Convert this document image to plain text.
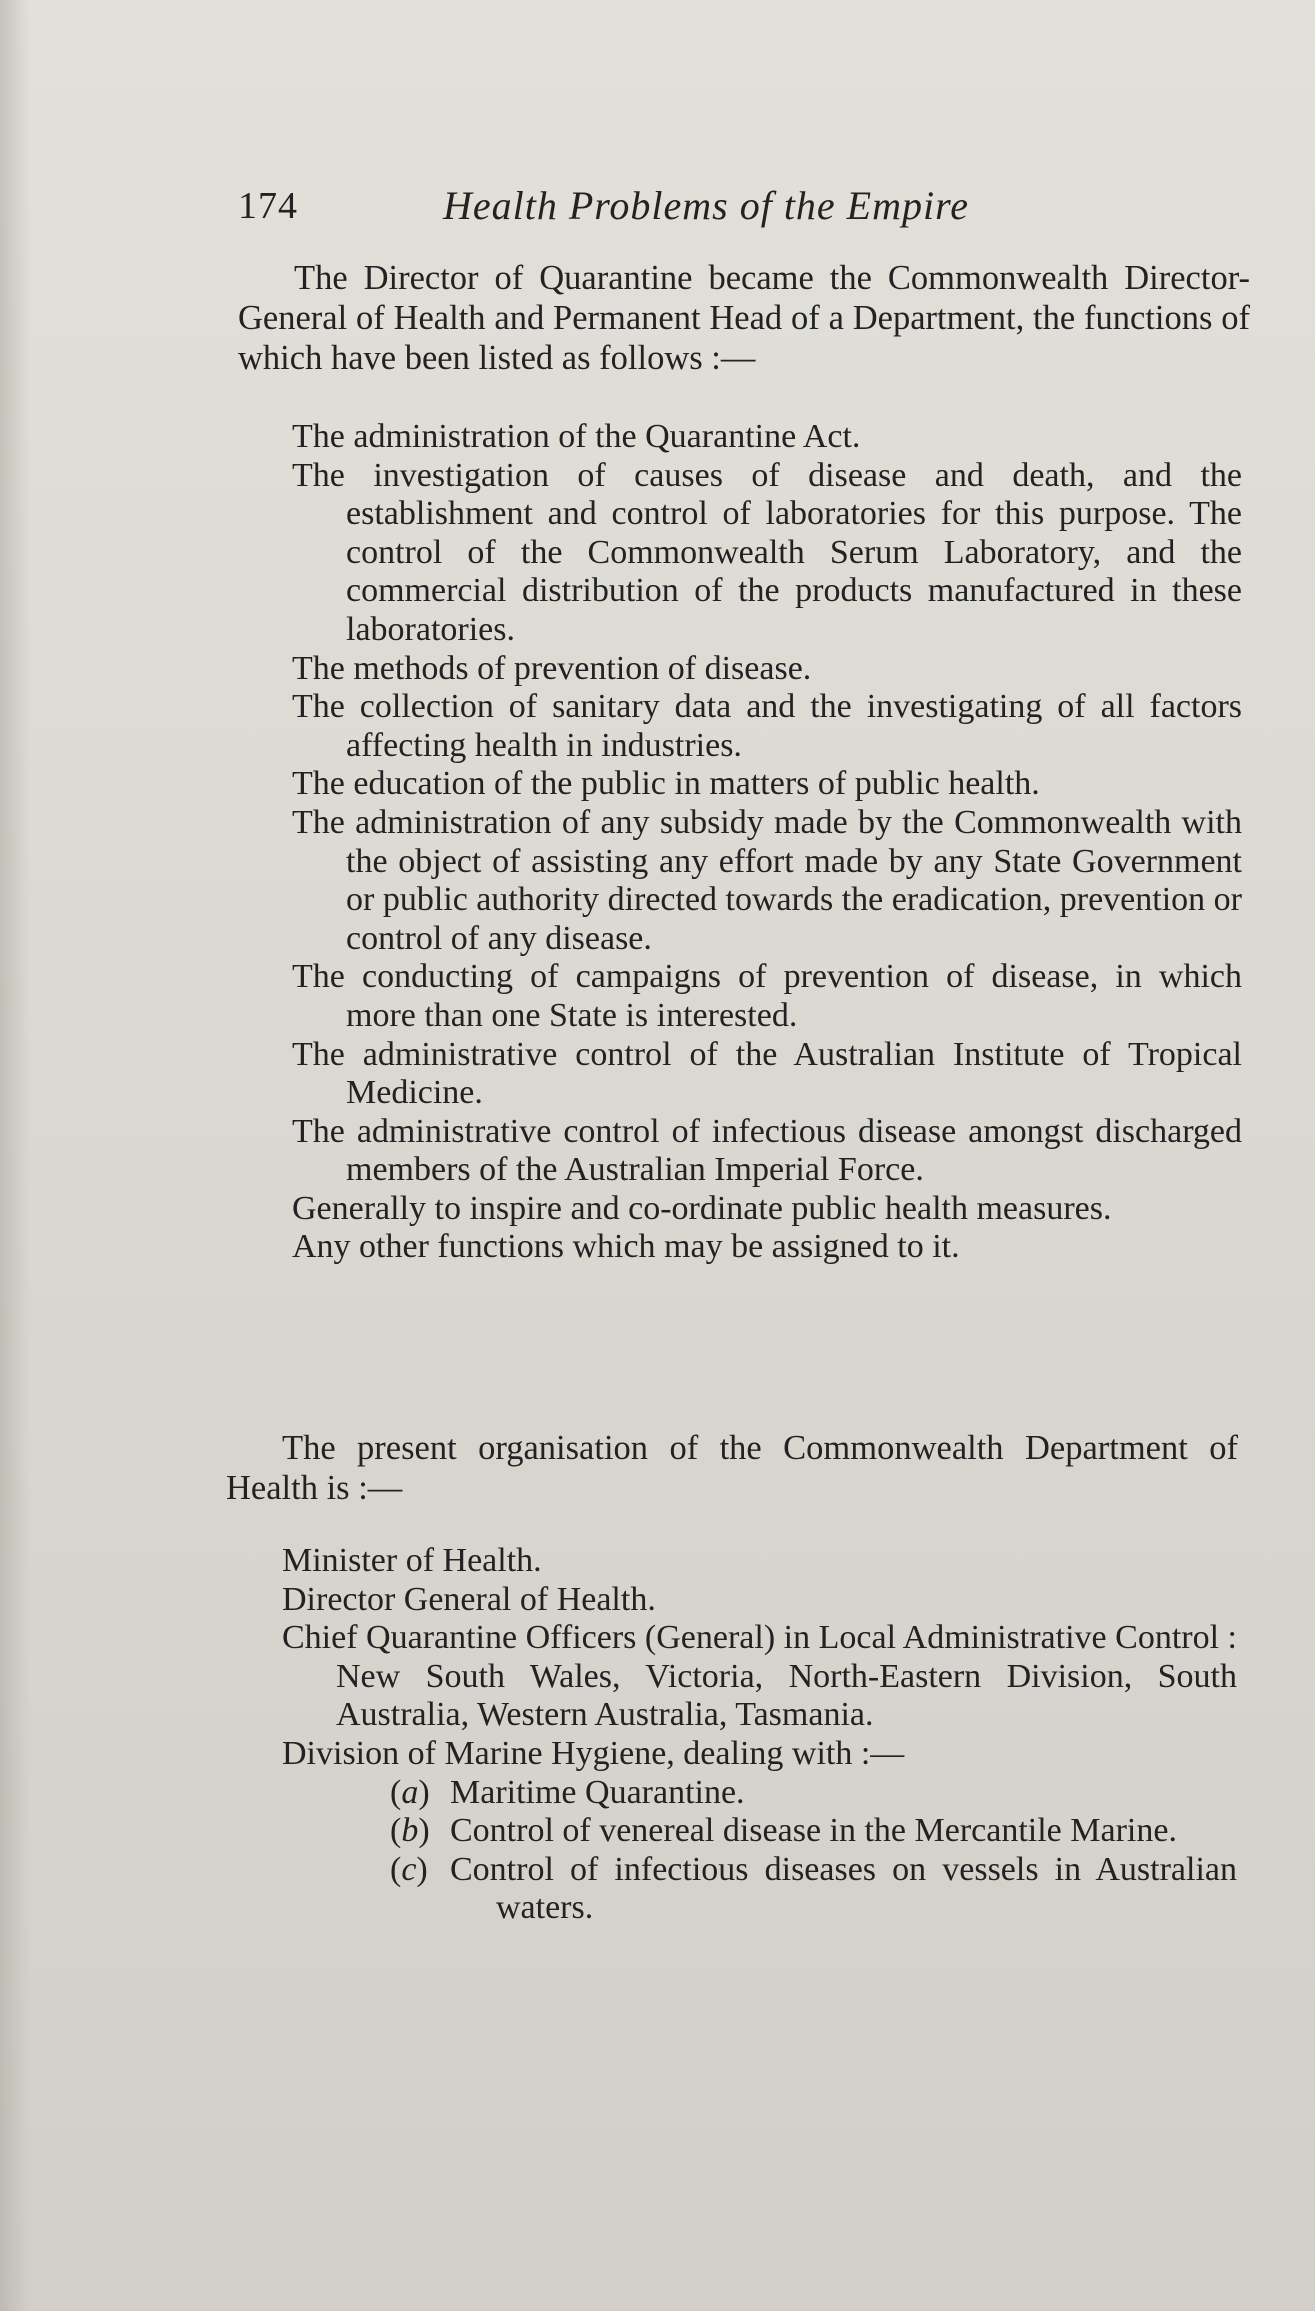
174	Health Problems of the Empire

The Director of Quarantine became the Commonwealth Director-General of Health and Permanent Head of a Department, the functions of which have been listed as follows :—

The administration of the Quarantine Act.
The investigation of causes of disease and death, and the establishment and control of laboratories for this purpose. The control of the Commonwealth Serum Laboratory, and the commercial distribution of the products manufactured in these laboratories.
The methods of prevention of disease.
The collection of sanitary data and the investigating of all factors affecting health in industries.
The education of the public in matters of public health.
The administration of any subsidy made by the Commonwealth with the object of assisting any effort made by any State Government or public authority directed towards the eradication, prevention or control of any disease.
The conducting of campaigns of prevention of disease, in which more than one State is interested.
The administrative control of the Australian Institute of Tropical Medicine.
The administrative control of infectious disease amongst discharged members of the Australian Imperial Force.
Generally to inspire and co-ordinate public health measures.
Any other functions which may be assigned to it.

The present organisation of the Commonwealth Department of Health is :—

Minister of Health.
Director General of Health.
Chief Quarantine Officers (General) in Local Administrative Control : New South Wales, Victoria, North-Eastern Division, South Australia, Western Australia, Tasmania.
Division of Marine Hygiene, dealing with :—
(a) Maritime Quarantine.
(b) Control of venereal disease in the Mercantile Marine.
(c) Control of infectious diseases on vessels in Australian waters.
